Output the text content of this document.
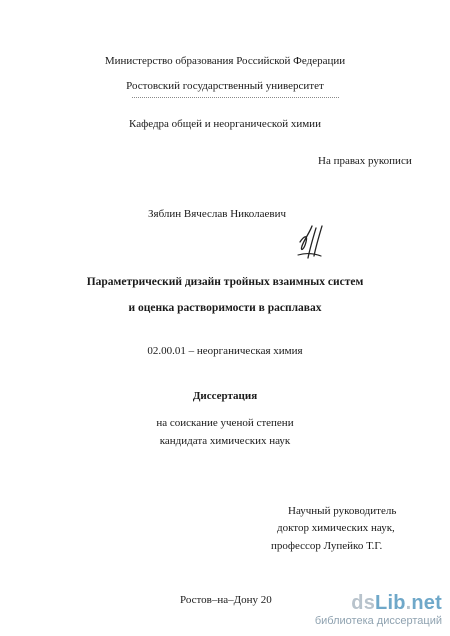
Министерство образования Российской Федерации
Ростовский государственный университет
Кафедра общей и неорганической химии
На правах рукописи
Зяблин Вячеслав Николаевич
Параметрический дизайн тройных взаимных систем
и оценка растворимости в расплавах
02.00.01 – неорганическая химия
Диссертация
на соискание ученой степени
кандидата химических наук
Научный руководитель
доктор химических наук,
профессор Лупейко Т.Г.
Ростов–на–Дону 20	dsLib.net
библиотека диссертаций
